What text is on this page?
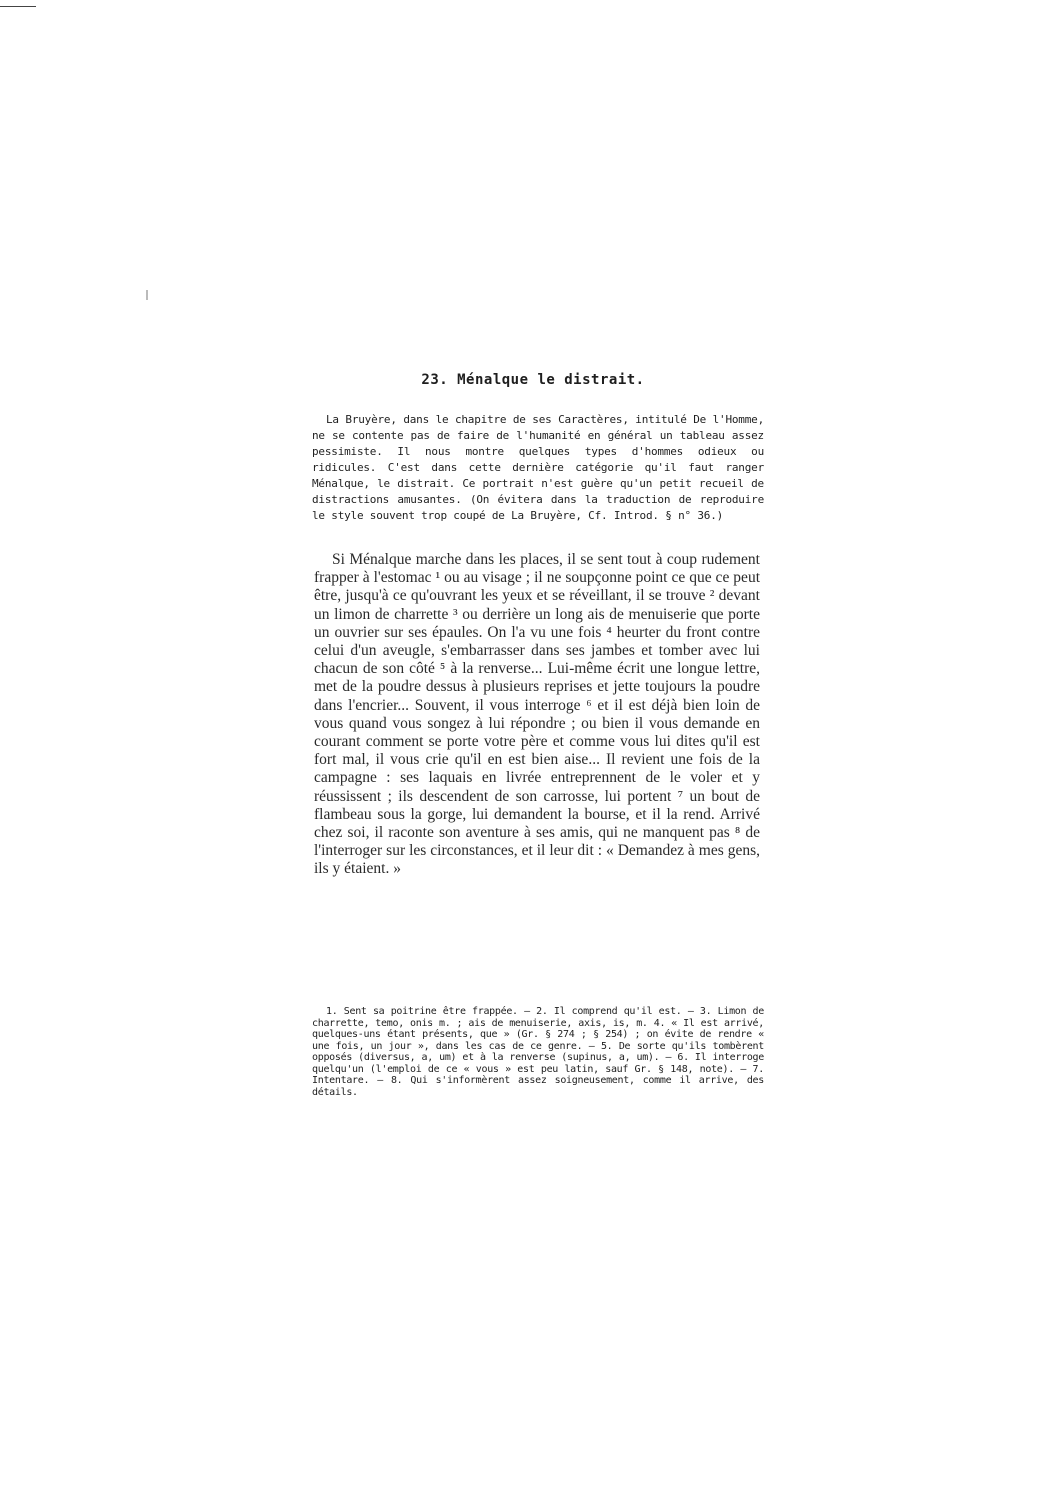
23. Ménalque le distrait.

La Bruyère, dans le chapitre de ses Caractères, intitulé De l'Homme, ne se contente pas de faire de l'humanité en général un tableau assez pessimiste. Il nous montre quelques types d'hommes odieux ou ridicules. C'est dans cette dernière catégorie qu'il faut ranger Ménalque, le distrait. Ce portrait n'est guère qu'un petit recueil de distractions amusantes. (On évitera dans la traduction de reproduire le style souvent trop coupé de La Bruyère, Cf. Introd. § n° 36.)

Si Ménalque marche dans les places, il se sent tout à coup rudement frapper à l'estomac ¹ ou au visage ; il ne soupçonne point ce que ce peut être, jusqu'à ce qu'ouvrant les yeux et se réveillant, il se trouve ² devant un limon de charrette ³ ou derrière un long ais de menuiserie que porte un ouvrier sur ses épaules. On l'a vu une fois ⁴ heurter du front contre celui d'un aveugle, s'embarrasser dans ses jambes et tomber avec lui chacun de son côté ⁵ à la renverse... Lui-même écrit une longue lettre, met de la poudre dessus à plusieurs reprises et jette toujours la poudre dans l'encrier... Souvent, il vous interroge ⁶ et il est déjà bien loin de vous quand vous songez à lui répondre ; ou bien il vous demande en courant comment se porte votre père et comme vous lui dites qu'il est fort mal, il vous crie qu'il en est bien aise... Il revient une fois de la campagne : ses laquais en livrée entreprennent de le voler et y réussissent ; ils descendent de son carrosse, lui portent ⁷ un bout de flambeau sous la gorge, lui demandent la bourse, et il la rend. Arrivé chez soi, il raconte son aventure à ses amis, qui ne manquent pas ⁸ de l'interroger sur les circonstances, et il leur dit : « Demandez à mes gens, ils y étaient. »

1. Sent sa poitrine être frappée. — 2. Il comprend qu'il est. — 3. Limon de charrette, temo, onis m. ; ais de menuiserie, axis, is, m. 4. « Il est arrivé, quelques-uns étant présents, que » (Gr. § 274 ; § 254) ; on évite de rendre « une fois, un jour », dans les cas de ce genre. — 5. De sorte qu'ils tombèrent opposés (diversus, a, um) et à la renverse (supinus, a, um). — 6. Il interroge quelqu'un (l'emploi de ce « vous » est peu latin, sauf Gr. § 148, note). — 7. Intentare. — 8. Qui s'informèrent assez soigneusement, comme il arrive, des détails.
